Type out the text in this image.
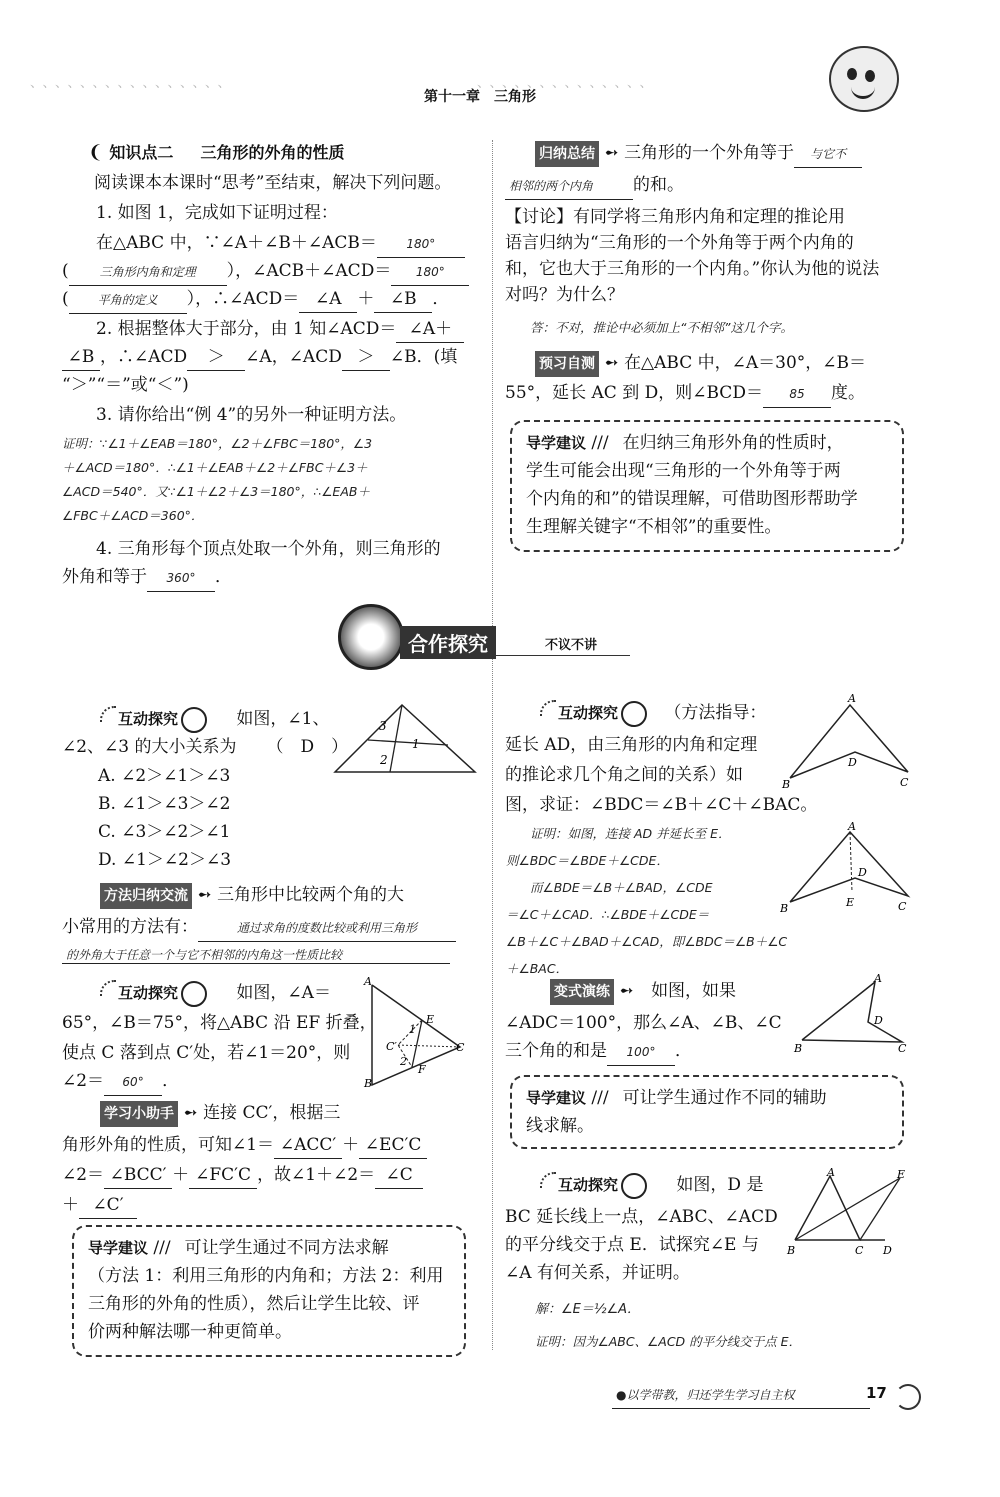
、、、、、、、、、、、、、、、、　　　　　　　　　　　　　、、、、、、、、、、、、、、
第十一章　三角形
❨ 知识点二 三角形的外角的性质
阅读课本本课时“思考”至结束，解决下列问题。
1. 如图 1，完成如下证明过程：
在△ABC 中，∵∠A＋∠B＋∠ACB＝ 180°
(	三角形内角和定理 ），∠ACB＋∠ACD＝ 180°
( 平角的定义 ），∴∠ACD＝ ∠A ＋ ∠B ．
2. 根据整体大于部分，由 1 知∠ACD＝ ∠A＋
∠B ，∴∠ACD ＞ ∠A，∠ACD ＞ ∠B．(填
“＞”“＝”或“＜”)
3. 请你给出“例 4”的另外一种证明方法。
证明：∵∠1＋∠EAB＝180°，∠2＋∠FBC＝180°，∠3
＋∠ACD＝180°．∴∠1＋∠EAB＋∠2＋∠FBC＋∠3＋
∠ACD＝540°．又∵∠1＋∠2＋∠3＝180°，∴∠EAB＋
∠FBC＋∠ACD＝360°．
4. 三角形每个顶点处取一个外角，则三角形的
外角和等于 360° ．
归纳总结 ➻ 三角形的一个外角等于 与它不
相邻的两个内角 的和。
【讨论】有同学将三角形内角和定理的推论用
语言归纳为“三角形的一个外角等于两个内角的
和，它也大于三角形的一个内角。”你认为他的说法
对吗？为什么？
答：不对，推论中必须加上“不相邻”这几个字。
预习自测 ➻ 在△ABC 中，∠A＝30°，∠B＝
55°，延长 AC 到 D，则∠BCD＝ 85 度。
导学建议 /// 在归纳三角形外角的性质时，
学生可能会出现“三角形的一个外角等于两
个内角的和”的错误理解，可借助图形帮助学
生理解关键字“不相邻”的重要性。
合作探究	不议不讲
互动探究	如图，∠1、
∠2、∠3 的大小关系为 （　D　）
A. ∠2＞∠1＞∠3
B. ∠1＞∠3＞∠2
C. ∠3＞∠2＞∠1
D. ∠1＞∠2＞∠3
3
1
2
方法归纳交流 ➻ 三角形中比较两个角的大
小常用的方法有：	通过求角的度数比较或利用三角形
的外角大于任意一个与它不相邻的内角这一性质比较
互动探究	如图，∠A＝
65°，∠B＝75°，将△ABC 沿 EF 折叠，
使点 C 落到点 C′处，若∠1＝20°，则
∠2＝ 60° ．
A
E
1
C′	C
2
F
B
学习小助手 ➻ 连接 CC′，根据三
角形外角的性质，可知∠1＝ ∠ACC′ ＋ ∠EC′C
∠2＝ ∠BCC′ ＋ ∠FC′C ，故∠1＋∠2＝ ∠C
＋ ∠C′
导学建议 /// 可让学生通过不同方法求解
（方法 1：利用三角形的内角和；方法 2：利用
三角形的外角的性质），然后让学生比较、评
价两种解法哪一种更简单。
互动探究	（方法指导：
延长 AD，由三角形的内角和定理
的推论求几个角之间的关系）如
图，求证：∠BDC＝∠B＋∠C＋∠BAC。
A
D
B	C
证明：如图，连接 AD 并延长至 E．
则∠BDC＝∠BDE＋∠CDE．
而∠BDE＝∠B＋∠BAD，∠CDE
＝∠C＋∠CAD．∴∠BDE＋∠CDE＝
∠B＋∠C＋∠BAD＋∠CAD，即∠BDC＝∠B＋∠C
＋∠BAC．
A
D
E
B	C
变式演练 ➻ 如图，如果
∠ADC＝100°，那么∠A、∠B、∠C
三个角的和是 100° ．
A
D
B	C
导学建议 /// 可让学生通过作不同的辅助
线求解。
互动探究	如图，D 是
BC 延长线上一点，∠ABC、∠ACD
的平分线交于点 E．试探究∠E 与
∠A 有何关系，并证明。
A	E
B	C D
解：∠E＝½∠A．
证明：因为∠ABC、∠ACD 的平分线交于点 E．
●以学带教，归还学生学习自主权	17
